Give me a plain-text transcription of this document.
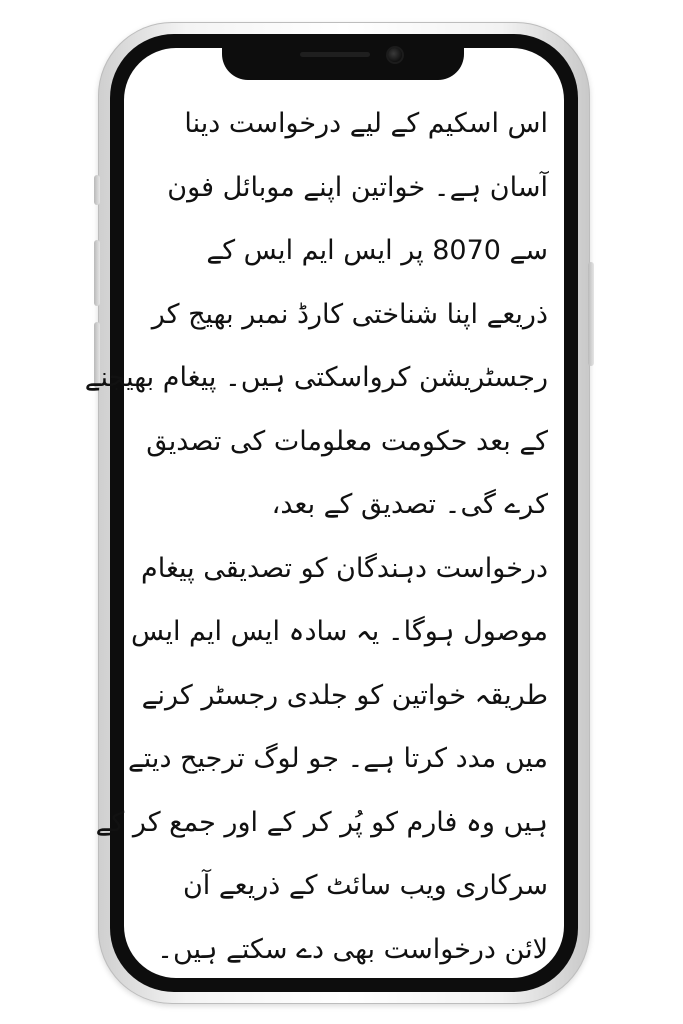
اس اسکیم کے لیے درخواست دینا
آسان ہے۔ خواتین اپنے موبائل فون
سے 8070 پر ایس ایم ایس کے
ذریعے اپنا شناختی کارڈ نمبر بھیج کر
رجسٹریشن کرواسکتی ہیں۔ پیغام بھیجنے
کے بعد حکومت معلومات کی تصدیق
کرے گی۔ تصدیق کے بعد،
درخواست دہندگان کو تصدیقی پیغام
موصول ہوگا۔ یہ سادہ ایس ایم ایس
طریقہ خواتین کو جلدی رجسٹر کرنے
میں مدد کرتا ہے۔ جو لوگ ترجیح دیتے
ہیں وہ فارم کو پُر کر کے اور جمع کر کے
سرکاری ویب سائٹ کے ذریعے آن
لائن درخواست بھی دے سکتے ہیں۔
